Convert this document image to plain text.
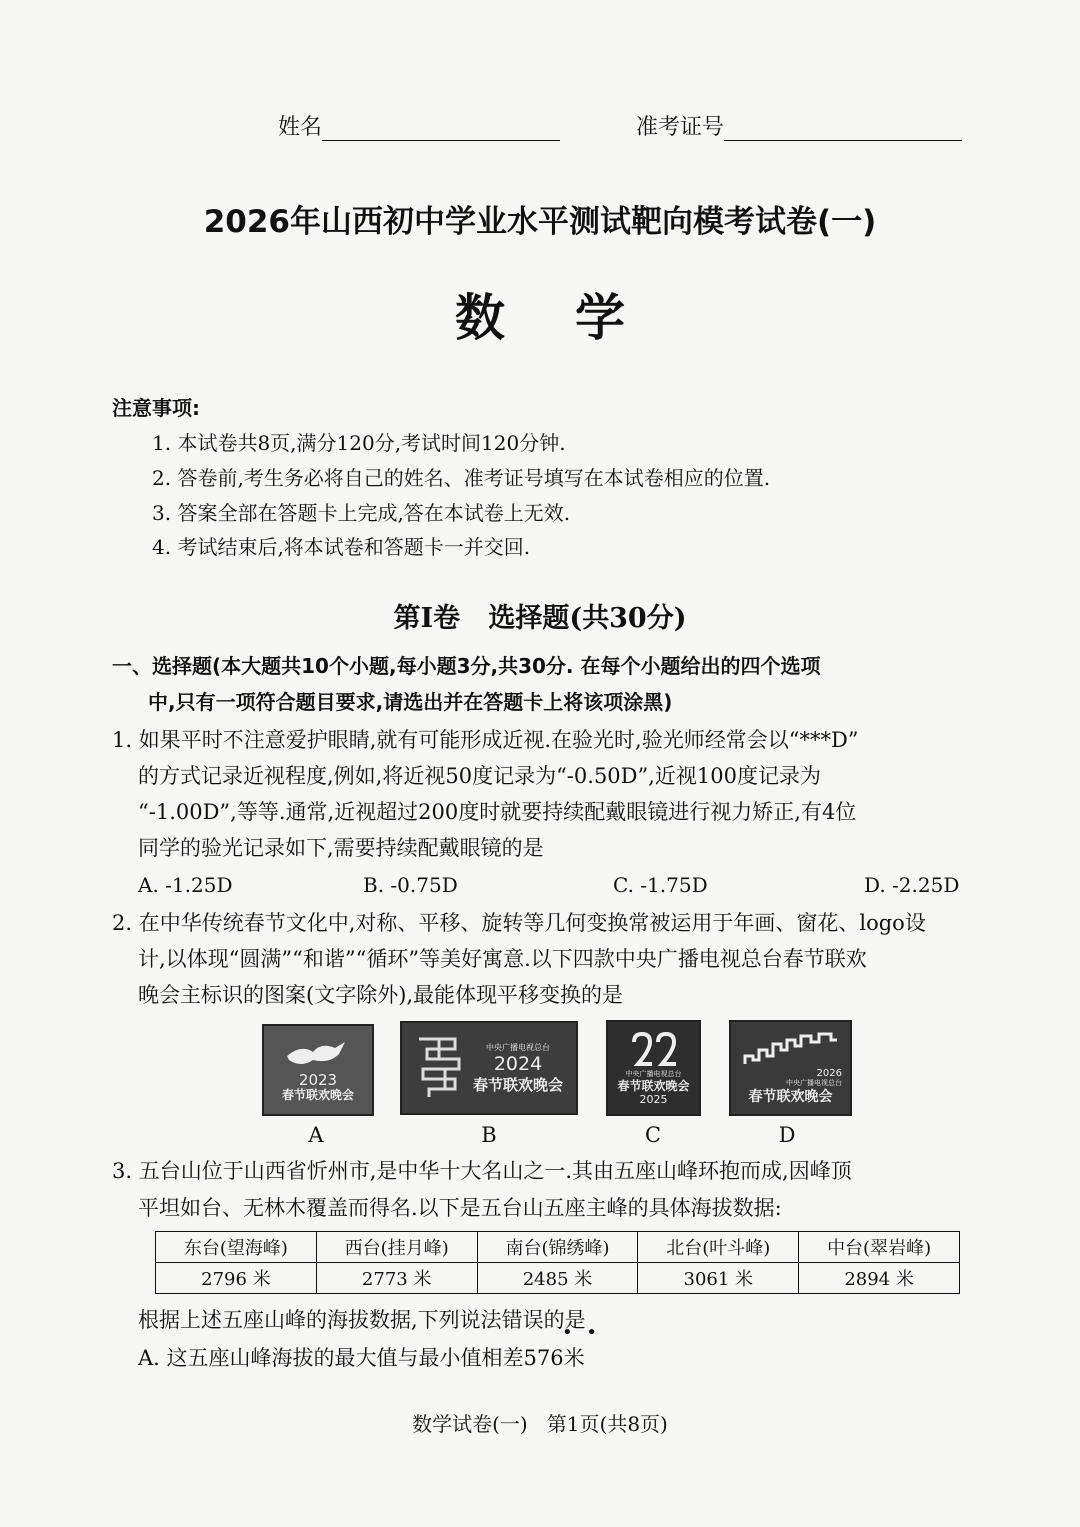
姓名	准考证号
2026年山西初中学业水平测试靶向模考试卷(一)
数学
注意事项:
1. 本试卷共8页,满分120分,考试时间120分钟.
2. 答卷前,考生务必将自己的姓名、准考证号填写在本试卷相应的位置.
3. 答案全部在答题卡上完成,答在本试卷上无效.
4. 考试结束后,将本试卷和答题卡一并交回.
第Ⅰ卷   选择题(共30分)
一、选择题(本大题共10个小题,每小题3分,共30分. 在每个小题给出的四个选项
中,只有一项符合题目要求,请选出并在答题卡上将该项涂黑)
1. 如果平时不注意爱护眼睛,就有可能形成近视.在验光时,验光师经常会以“***D”
的方式记录近视程度,例如,将近视50度记录为“-0.50D”,近视100度记录为
“-1.00D”,等等.通常,近视超过200度时就要持续配戴眼镜进行视力矫正,有4位
同学的验光记录如下,需要持续配戴眼镜的是
A. -1.25D	B. -0.75D	C. -1.75D	D. -2.25D
2. 在中华传统春节文化中,对称、平移、旋转等几何变换常被运用于年画、窗花、logo设
计,以体现“圆满”“和谐”“循环”等美好寓意.以下四款中央广播电视总台春节联欢
晚会主标识的图案(文字除外),最能体现平移变换的是
2023
春节联欢晚会
中央广播电视总台
2024
春节联欢晚会
中央广播电视总台
春节联欢晚会
2025
2026
中央广播电视总台
春节联欢晚会
A	B	C	D
3. 五台山位于山西省忻州市,是中华十大名山之一.其由五座山峰环抱而成,因峰顶
平坦如台、无林木覆盖而得名.以下是五台山五座主峰的具体海拔数据:
东台(望海峰)	西台(挂月峰)	南台(锦绣峰)	北台(叶斗峰)	中台(翠岩峰)
2796 米	2773 米	2485 米	3061 米	2894 米
根据上述五座山峰的海拔数据,下列说法错误的是
• •
A. 这五座山峰海拔的最大值与最小值相差576米
数学试卷(一)   第1页(共8页)
